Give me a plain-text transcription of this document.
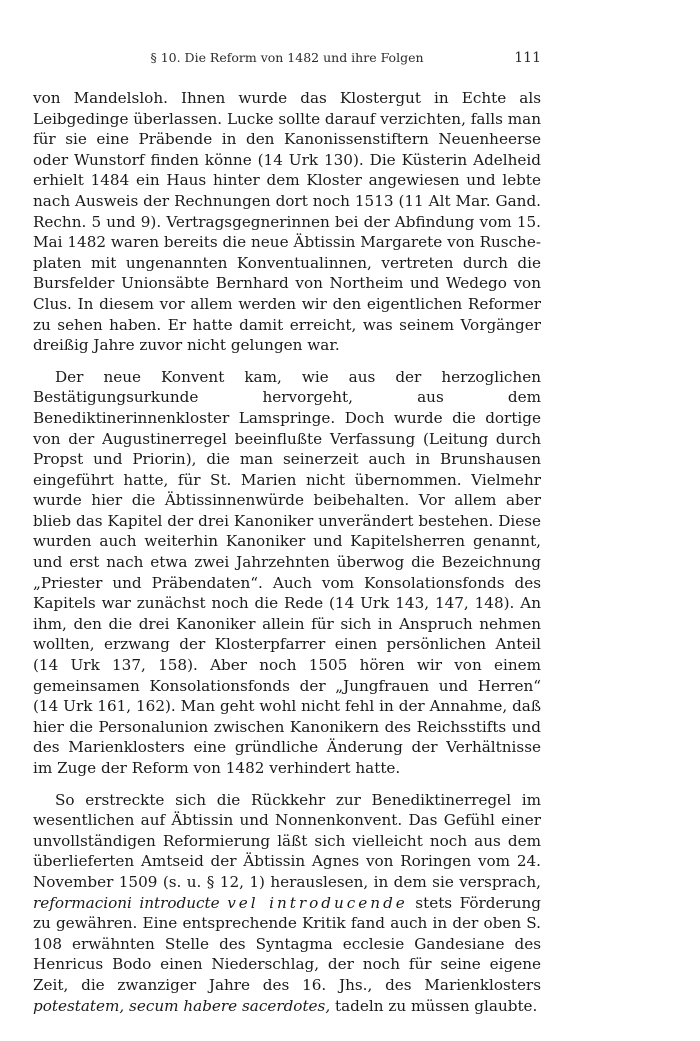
§ 10. Die Reform von 1482 und ihre Folgen	111

von Mandelsloh. Ihnen wurde das Klostergut in Echte als Leibgedinge überlassen. Lucke sollte darauf verzichten, falls man für sie eine Präbende in den Kanonissenstiftern Neuenheerse oder Wunstorf finden könne (14 Urk 130). Die Küsterin Adelheid erhielt 1484 ein Haus hinter dem Kloster angewiesen und lebte nach Ausweis der Rechnungen dort noch 1513 (11 Alt Mar. Gand. Rechn. 5 und 9). Vertragsgegnerinnen bei der Abfindung vom 15. Mai 1482 waren bereits die neue Äbtissin Margarete von Ruscheplaten mit ungenannten Konventualinnen, vertreten durch die Bursfelder Unionsäbte Bernhard von Northeim und Wedego von Clus. In diesem vor allem werden wir den eigentlichen Reformer zu sehen haben. Er hatte damit erreicht, was seinem Vorgänger dreißig Jahre zuvor nicht gelungen war.

Der neue Konvent kam, wie aus der herzoglichen Bestätigungsurkunde hervorgeht, aus dem Benediktinerinnenkloster Lamspringe. Doch wurde die dortige von der Augustinerregel beeinflußte Verfassung (Leitung durch Propst und Priorin), die man seinerzeit auch in Brunshausen eingeführt hatte, für St. Marien nicht übernommen. Vielmehr wurde hier die Äbtissinnenwürde beibehalten. Vor allem aber blieb das Kapitel der drei Kanoniker unverändert bestehen. Diese wurden auch weiterhin Kanoniker und Kapitelsherren genannt, und erst nach etwa zwei Jahrzehnten überwog die Bezeichnung „Priester und Präbendaten“. Auch vom Konsolationsfonds des Kapitels war zunächst noch die Rede (14 Urk 143, 147, 148). An ihm, den die drei Kanoniker allein für sich in Anspruch nehmen wollten, erzwang der Klosterpfarrer einen persönlichen Anteil (14 Urk 137, 158). Aber noch 1505 hören wir von einem gemeinsamen Konsolationsfonds der „Jungfrauen und Herren“ (14 Urk 161, 162). Man geht wohl nicht fehl in der Annahme, daß hier die Personalunion zwischen Kanonikern des Reichsstifts und des Marienklosters eine gründliche Änderung der Verhältnisse im Zuge der Reform von 1482 verhindert hatte.

So erstreckte sich die Rückkehr zur Benediktinerregel im wesentlichen auf Äbtissin und Nonnenkonvent. Das Gefühl einer unvollständigen Reformierung läßt sich vielleicht noch aus dem überlieferten Amtseid der Äbtissin Agnes von Roringen vom 24. November 1509 (s. u. § 12, 1) herauslesen, in dem sie versprach, reformacioni introducte vel introducende stets Förderung zu gewähren. Eine entsprechende Kritik fand auch in der oben S. 108 erwähnten Stelle des Syntagma ecclesie Gandesiane des Henricus Bodo einen Niederschlag, der noch für seine eigene Zeit, die zwanziger Jahre des 16. Jhs., des Marienklosters potestatem, secum habere sacerdotes, tadeln zu müssen glaubte.
